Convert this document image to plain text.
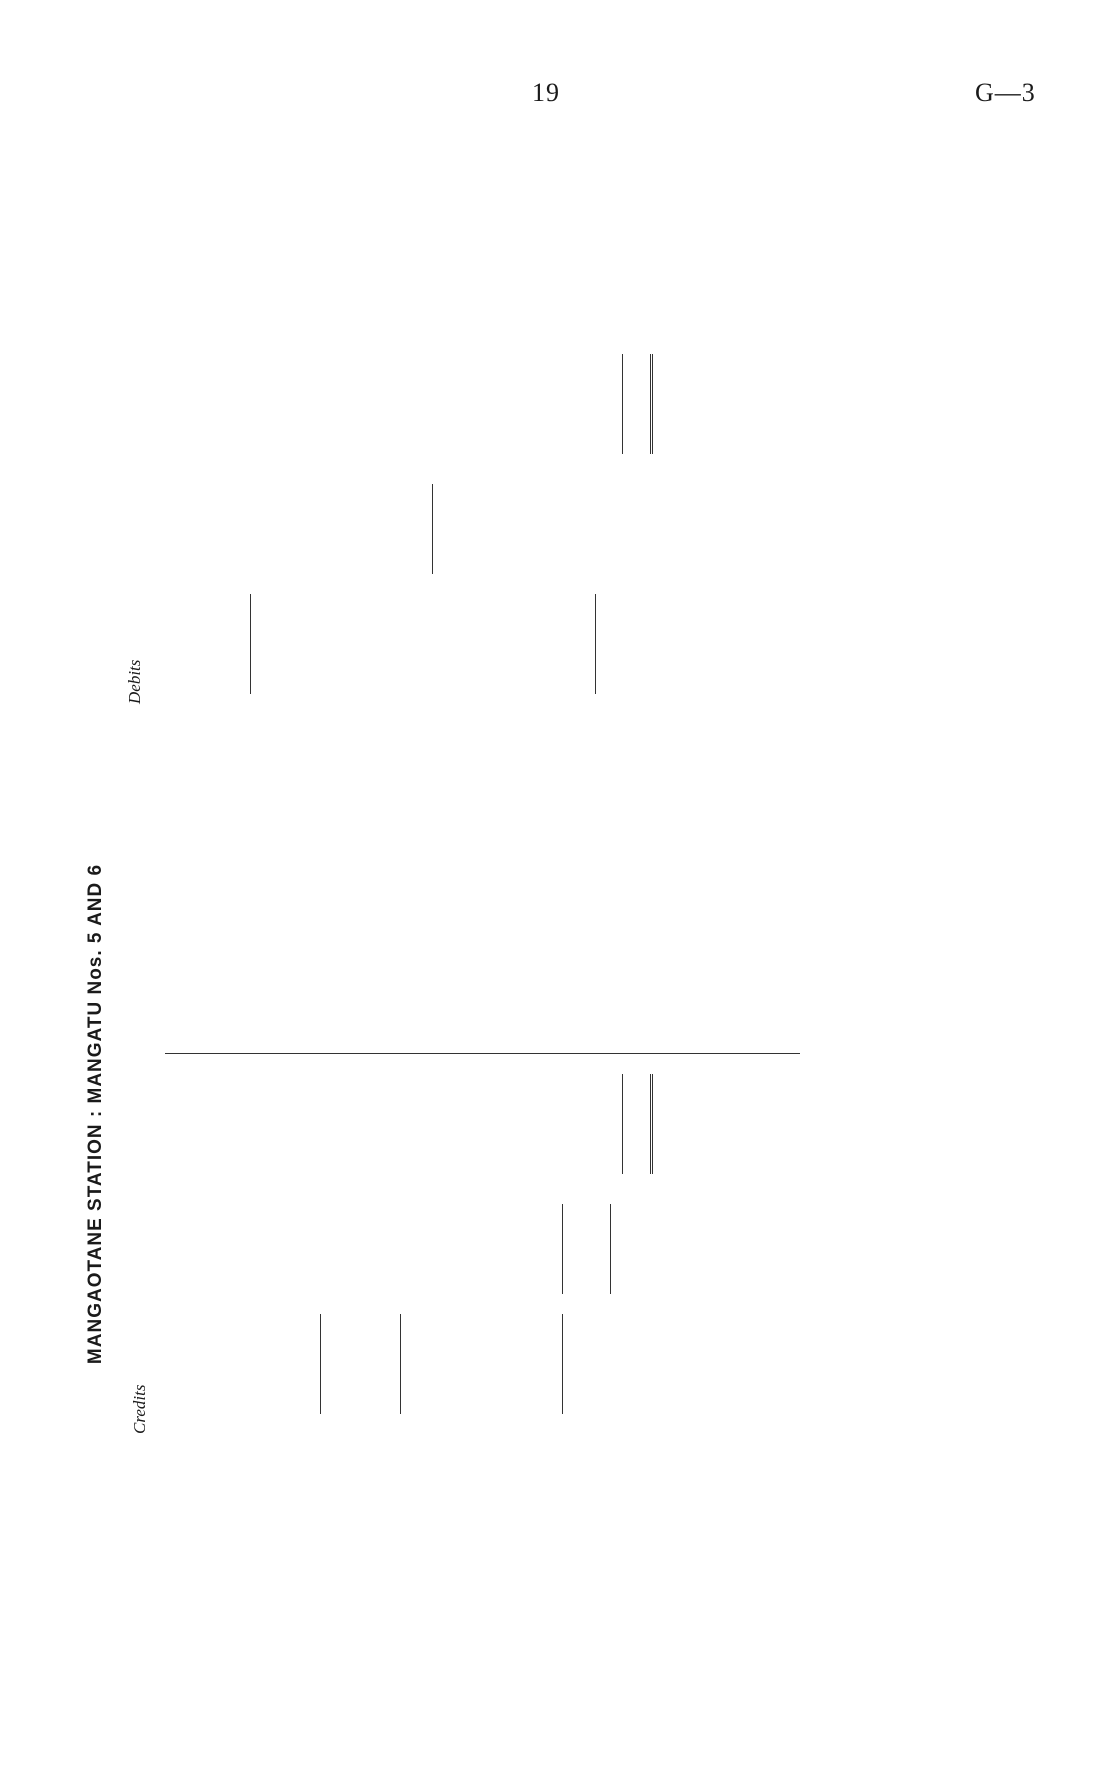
19	G—3
MANGAOTANE STATION : MANGATU Nos. 5 AND 6
Credits
Debits
